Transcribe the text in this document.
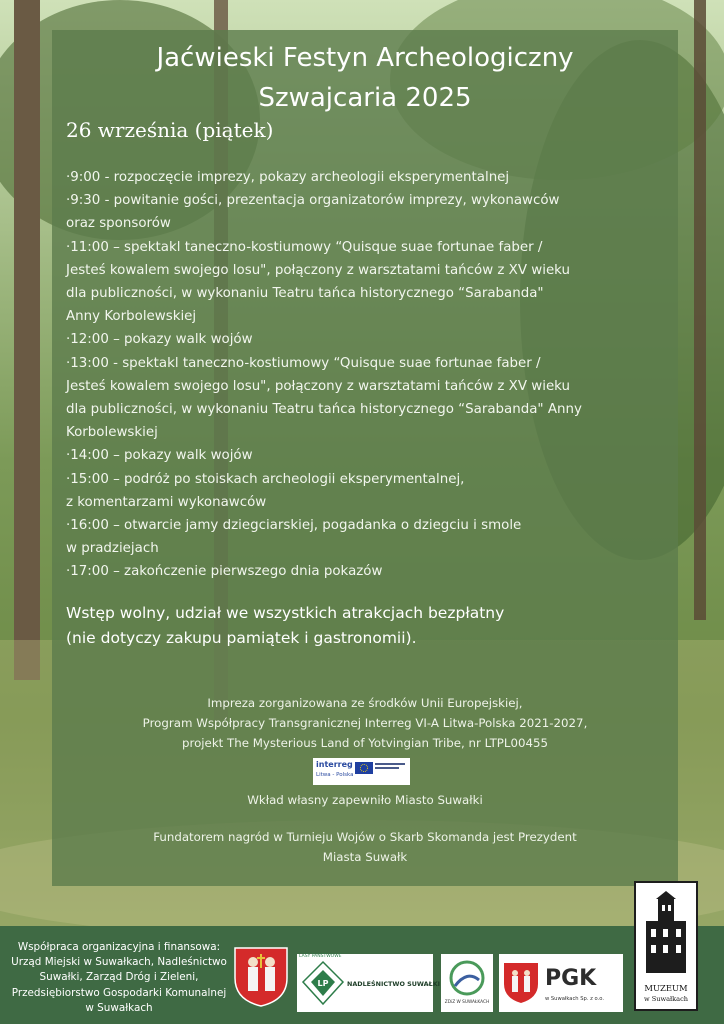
Jaćwieski Festyn Archeologiczny
Szwajcaria 2025
26 września (piątek)
·9:00 - rozpoczęcie imprezy, pokazy archeologii eksperymentalnej
·9:30 - powitanie gości, prezentacja organizatorów imprezy, wykonawców
oraz sponsorów
·11:00 – spektakl taneczno-kostiumowy “Quisque suae fortunae faber /
Jesteś kowalem swojego losu", połączony z warsztatami tańców z XV wieku
dla publiczności, w wykonaniu Teatru tańca historycznego “Sarabanda"
Anny Korbolewskiej
·12:00 – pokazy walk wojów
·13:00 - spektakl taneczno-kostiumowy “Quisque suae fortunae faber /
Jesteś kowalem swojego losu", połączony z warsztatami tańców z XV wieku
dla publiczności, w wykonaniu Teatru tańca historycznego “Sarabanda" Anny
Korbolewskiej
·14:00 – pokazy walk wojów
·15:00 – podróż po stoiskach archeologii eksperymentalnej,
z komentarzami wykonawców
·16:00 – otwarcie jamy dziegciarskiej, pogadanka o dziegciu i smole
w pradziejach
·17:00 – zakończenie pierwszego dnia pokazów
Wstęp wolny, udział we wszystkich atrakcjach bezpłatny
(nie dotyczy zakupu pamiątek i gastronomii).
Impreza zorganizowana ze środków Unii Europejskiej,
Program Współpracy Transgranicznej Interreg VI-A Litwa-Polska 2021-2027,
projekt The Mysterious Land of Yotvingian Tribe, nr LTPL00455
interreg
Litwa - Polska
Wkład własny zapewniło Miasto Suwałki
Fundatorem nagród w Turnieju Wojów o Skarb Skomanda jest Prezydent
Miasta Suwałk
Współpraca organizacyjna i finansowa:
Urząd Miejski w Suwałkach, Nadleśnictwo
Suwałki, Zarząd Dróg i Zieleni,
Przedsiębiorstwo Gospodarki Komunalnej
w Suwałkach
LP
LASY PAŃSTWOWE
NADLEŚNICTWO SUWAŁKI
ZDiZ W SUWAŁKACH
PGK
w Suwałkach Sp. z o.o.
MUZEUM
w Suwałkach
